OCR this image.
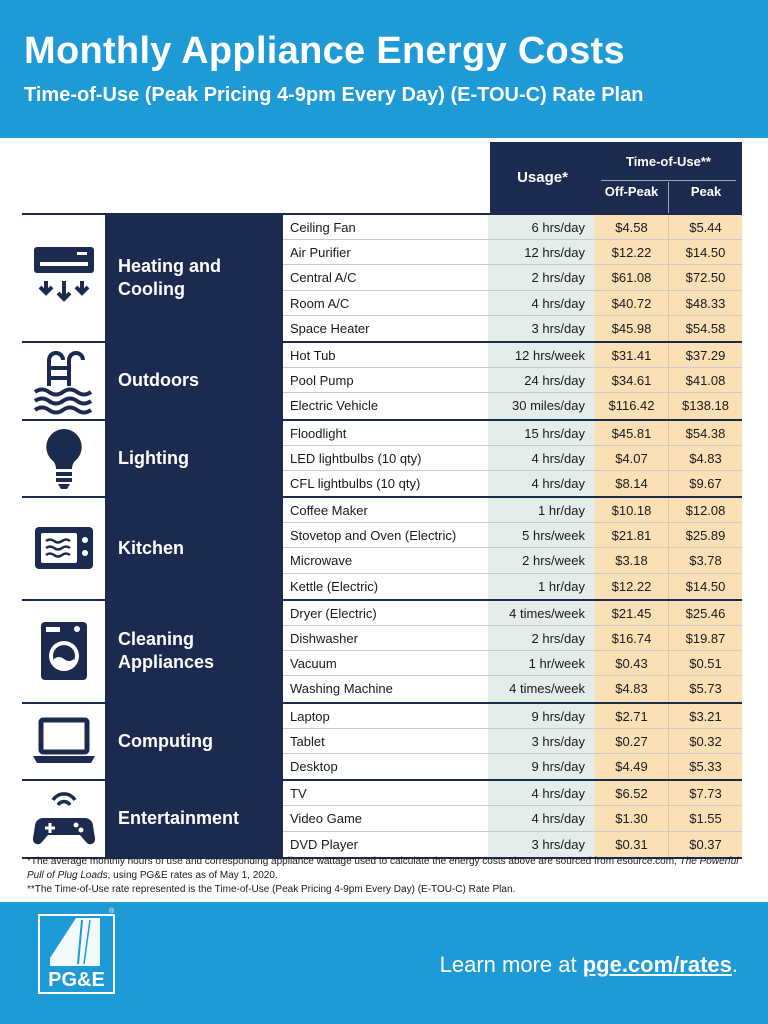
Monthly Appliance Energy Costs
Time-of-Use (Peak Pricing 4-9pm Every Day) (E-TOU-C) Rate Plan
Usage*
Time-of-Use**
Off-Peak	Peak
Heating and Cooling
Ceiling Fan	6 hrs/day	$4.58	$5.44
Air Purifier	12 hrs/day	$12.22	$14.50
Central A/C	2 hrs/day	$61.08	$72.50
Room A/C	4 hrs/day	$40.72	$48.33
Space Heater	3 hrs/day	$45.98	$54.58
Outdoors
Hot Tub	12 hrs/week	$31.41	$37.29
Pool Pump	24 hrs/day	$34.61	$41.08
Electric Vehicle	30 miles/day	$116.42	$138.18
Lighting
Floodlight	15 hrs/day	$45.81	$54.38
LED lightbulbs (10 qty)	4 hrs/day	$4.07	$4.83
CFL lightbulbs (10 qty)	4 hrs/day	$8.14	$9.67
Kitchen
Coffee Maker	1 hr/day	$10.18	$12.08
Stovetop and Oven (Electric)	5 hrs/week	$21.81	$25.89
Microwave	2 hrs/week	$3.18	$3.78
Kettle (Electric)	1 hr/day	$12.22	$14.50
Cleaning Appliances
Dryer (Electric)	4 times/week	$21.45	$25.46
Dishwasher	2 hrs/day	$16.74	$19.87
Vacuum	1 hr/week	$0.43	$0.51
Washing Machine	4 times/week	$4.83	$5.73
Computing
Laptop	9 hrs/day	$2.71	$3.21
Tablet	3 hrs/day	$0.27	$0.32
Desktop	9 hrs/day	$4.49	$5.33
Entertainment
TV	4 hrs/day	$6.52	$7.73
Video Game	4 hrs/day	$1.30	$1.55
DVD Player	3 hrs/day	$0.31	$0.37

*The average monthly hours of use and corresponding appliance wattage used to calculate the energy costs above are sourced from esource.com, The Powerful Pull of Plug Loads, using PG&E rates as of May 1, 2020.

**The Time-of-Use rate represented is the Time-of-Use (Peak Pricing 4-9pm Every Day) (E-TOU-C) Rate Plan.

PG&E
®
Learn more at pge.com/rates.
